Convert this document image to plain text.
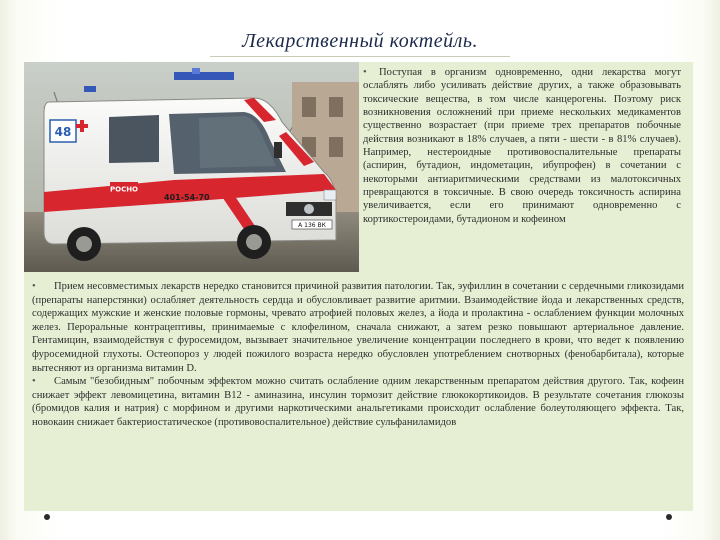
Лекарственный коктейль.
48
РОСНО
401-54-70
А 136 ВК

• Поступая в организм одновременно, одни лекарства могут ослаблять либо усиливать действие других, а также образовывать токсические вещества, в том числе канцерогены. Поэтому риск возникновения осложнений при приеме нескольких медикаментов существенно возрастает (при приеме трех препаратов побочные действия возникают в 18% случаев, а пяти - шести - в 81% случаев). Например, нестероидные противовоспалительные препараты (аспирин, бутадион, индометацин, ибупрофен) в сочетании с некоторыми антиаритмическими средствами из малотоксичных превращаются в токсичные. В свою очередь токсичность аспирина увеличивается, если его принимают одновременно с кортикостероидами, бутадионом и кофеином

• Прием несовместимых лекарств нередко становится причиной развития патологии. Так, эуфиллин в сочетании с сердечными гликозидами (препараты наперстянки) ослабляет деятельность сердца и обусловливает развитие аритмии. Взаимодействие йода и лекарственных средств, содержащих мужские и женские половые гормоны, чревато атрофией половых желез, а йода и пролактина - ослаблением функции молочных желез. Пероральные контрацептивы, принимаемые с клофелином, сначала снижают, а затем резко повышают артериальное давление. Гентамицин, взаимодействуя с фуросемидом, вызывает значительное увеличение концентрации последнего в крови, что ведет к появлению фуросемидной глухоты. Остеопороз у людей пожилого возраста нередко обусловлен употреблением снотворных (фенобарбитала), которые вытесняют из организма витамин D.

• Самым "безобидным" побочным эффектом можно считать ослабление одним лекарственным препаратом действия другого. Так, кофеин снижает эффект левомицетина, витамин В12 - аминазина, инсулин тормозит действие глюкокортикоидов. В результате сочетания глюкозы (бромидов калия и натрия) с морфином и другими наркотическими анальгетиками происходит ослабление болеутоляющего эффекта. Так, новокаин снижает бактериостатическое (противовоспалительное) действие сульфаниламидов
